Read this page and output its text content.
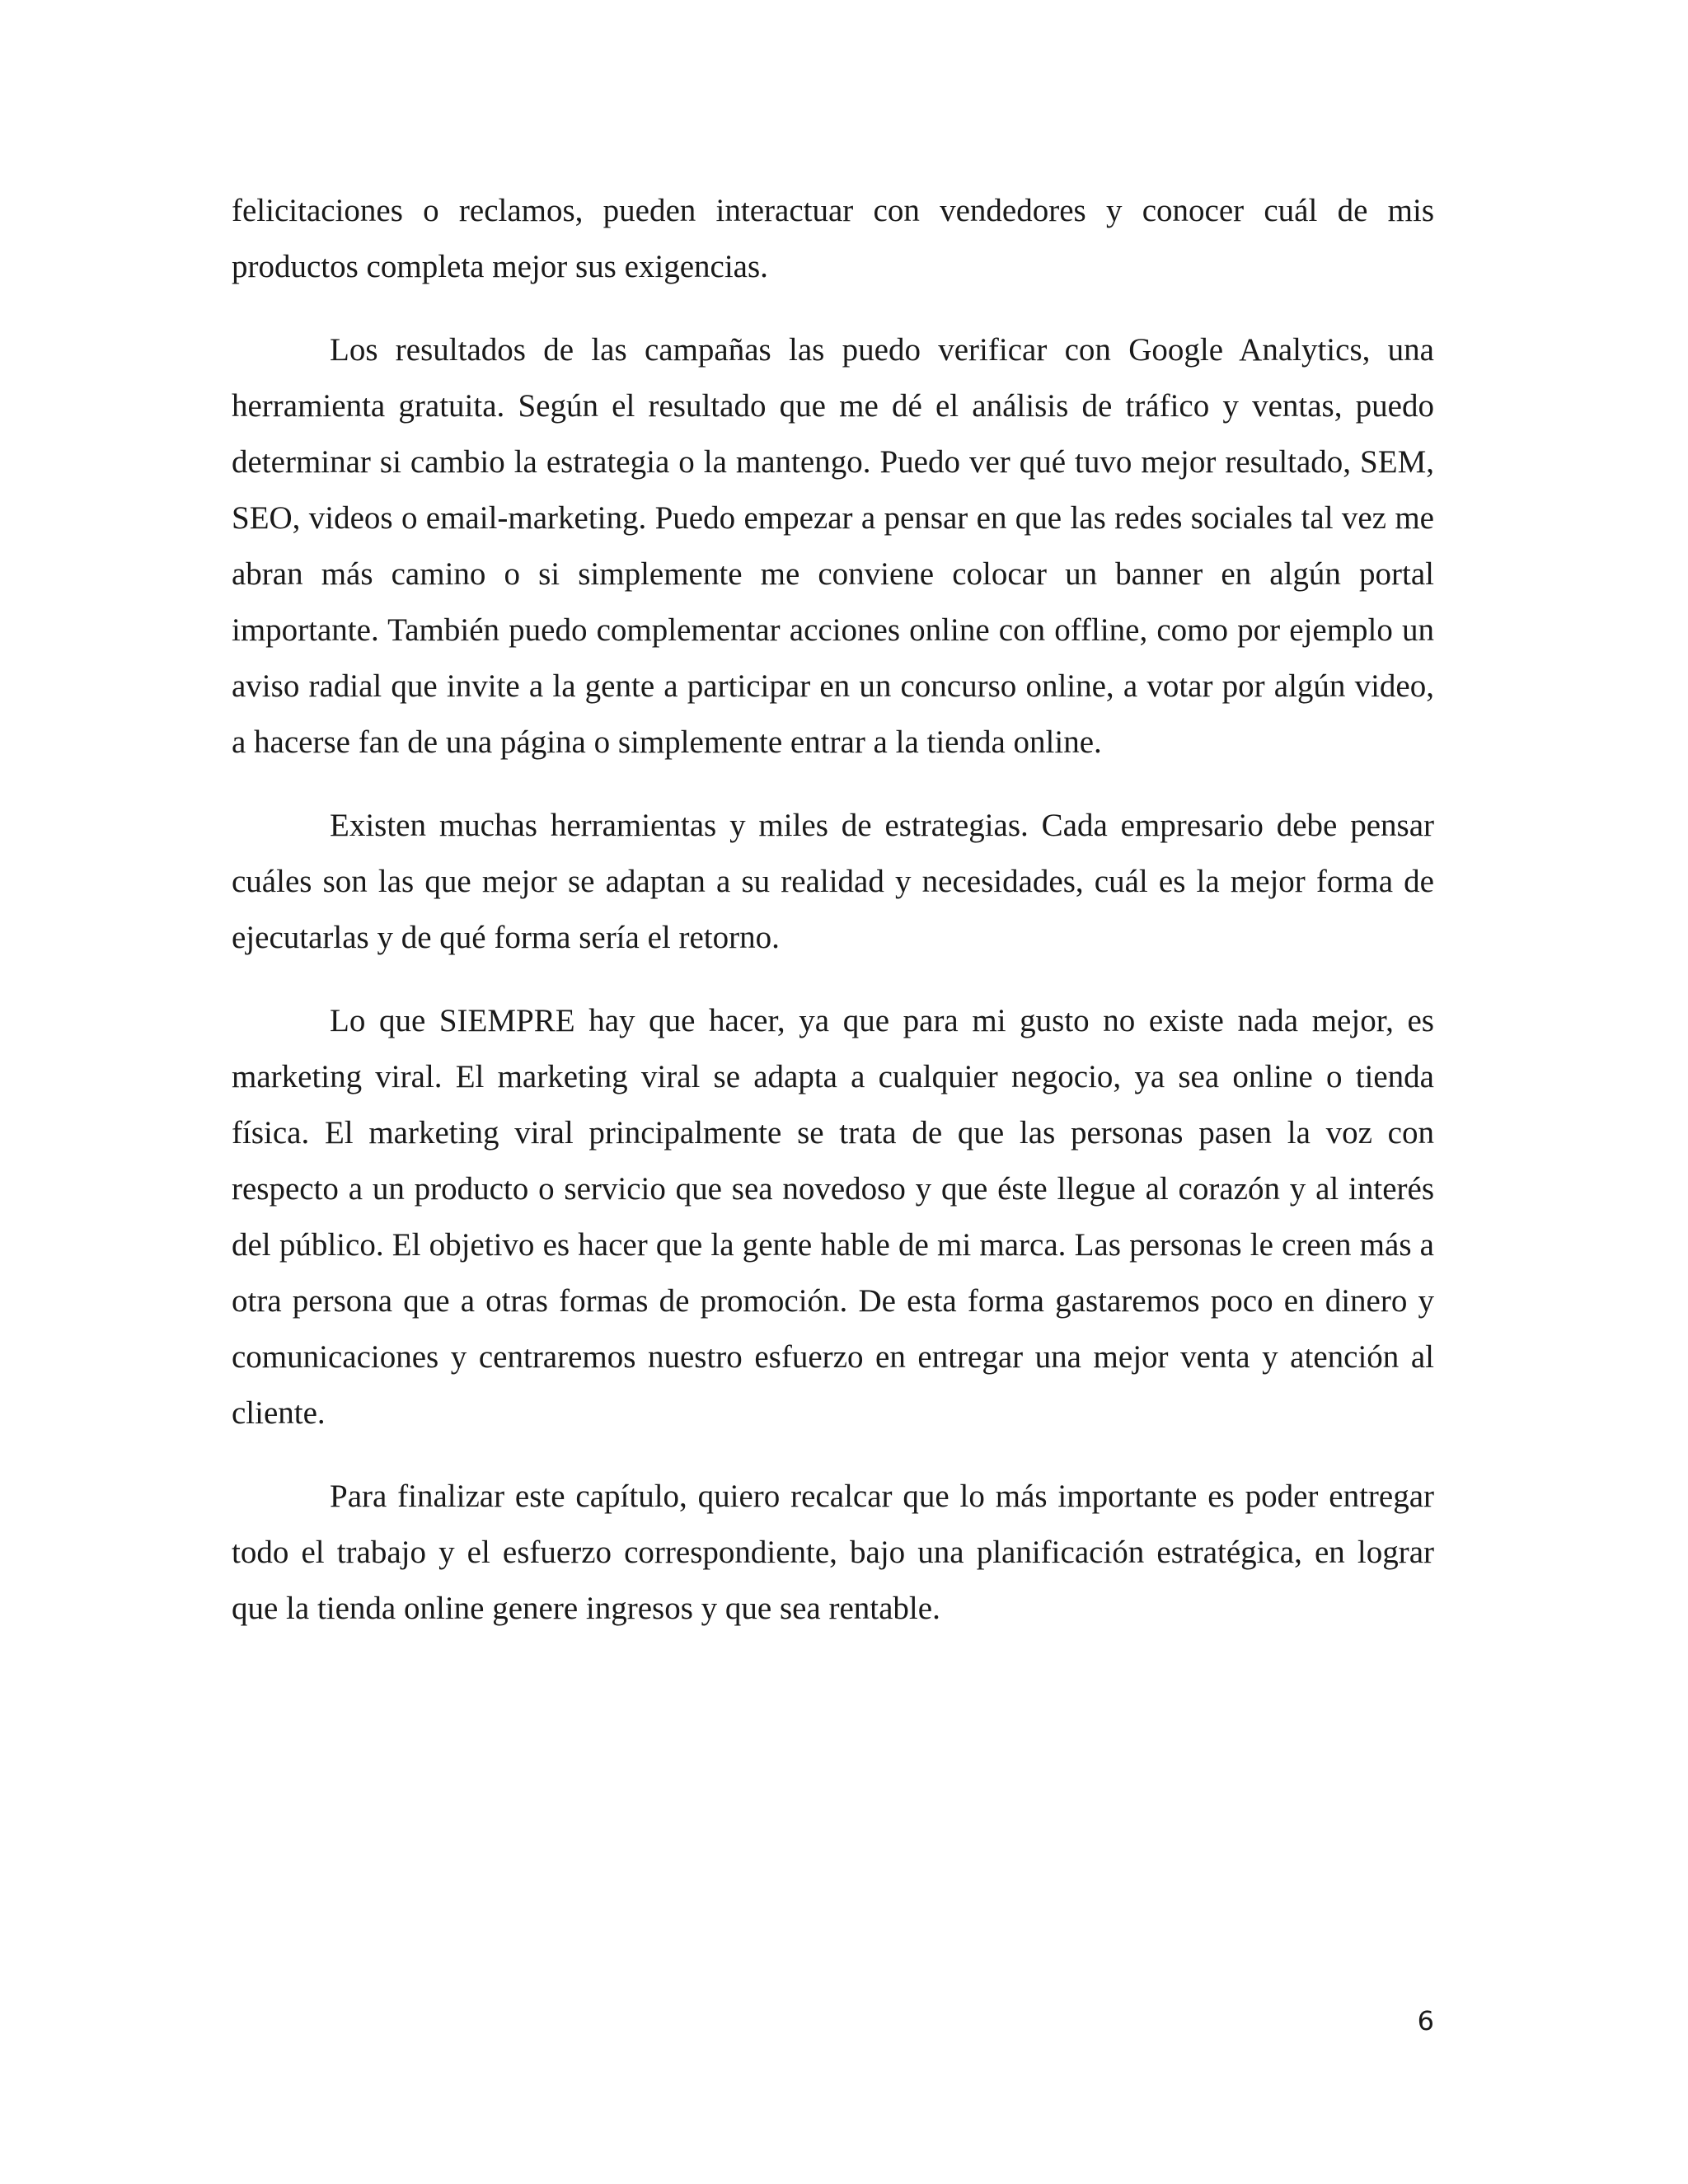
felicitaciones o reclamos, pueden interactuar con vendedores y conocer cuál de mis productos completa mejor sus exigencias.

Los resultados de las campañas las puedo verificar con Google Analytics, una herramienta gratuita. Según el resultado que me dé el análisis de tráfico y ventas, puedo determinar si cambio la estrategia o la mantengo. Puedo ver qué tuvo mejor resultado, SEM, SEO, videos o email-marketing. Puedo empezar a pensar en que las redes sociales tal vez me abran más camino o si simplemente me conviene colocar un banner en algún portal importante. También puedo complementar acciones online con offline, como por ejemplo un aviso radial que invite a la gente a participar en un concurso online, a votar por algún video, a hacerse fan de una página o simplemente entrar a la tienda online.

Existen muchas herramientas y miles de estrategias. Cada empresario debe pensar cuáles son las que mejor se adaptan a su realidad y necesidades, cuál es la mejor forma de ejecutarlas y de qué forma sería el retorno.

Lo que SIEMPRE hay que hacer, ya que para mi gusto no existe nada mejor, es marketing viral. El marketing viral se adapta a cualquier negocio, ya sea online o tienda física. El marketing viral principalmente se trata de que las personas pasen la voz con respecto a un producto o servicio que sea novedoso y que éste llegue al corazón y al interés del público. El objetivo es hacer que la gente hable de mi marca. Las personas le creen más a otra persona que a otras formas de promoción. De esta forma gastaremos poco en dinero y comunicaciones y centraremos nuestro esfuerzo en entregar una mejor venta y atención al cliente.

Para finalizar este capítulo, quiero recalcar que lo más importante es poder entregar todo el trabajo y el esfuerzo correspondiente, bajo una planificación estratégica, en lograr que la tienda online genere ingresos y que sea rentable.

6
